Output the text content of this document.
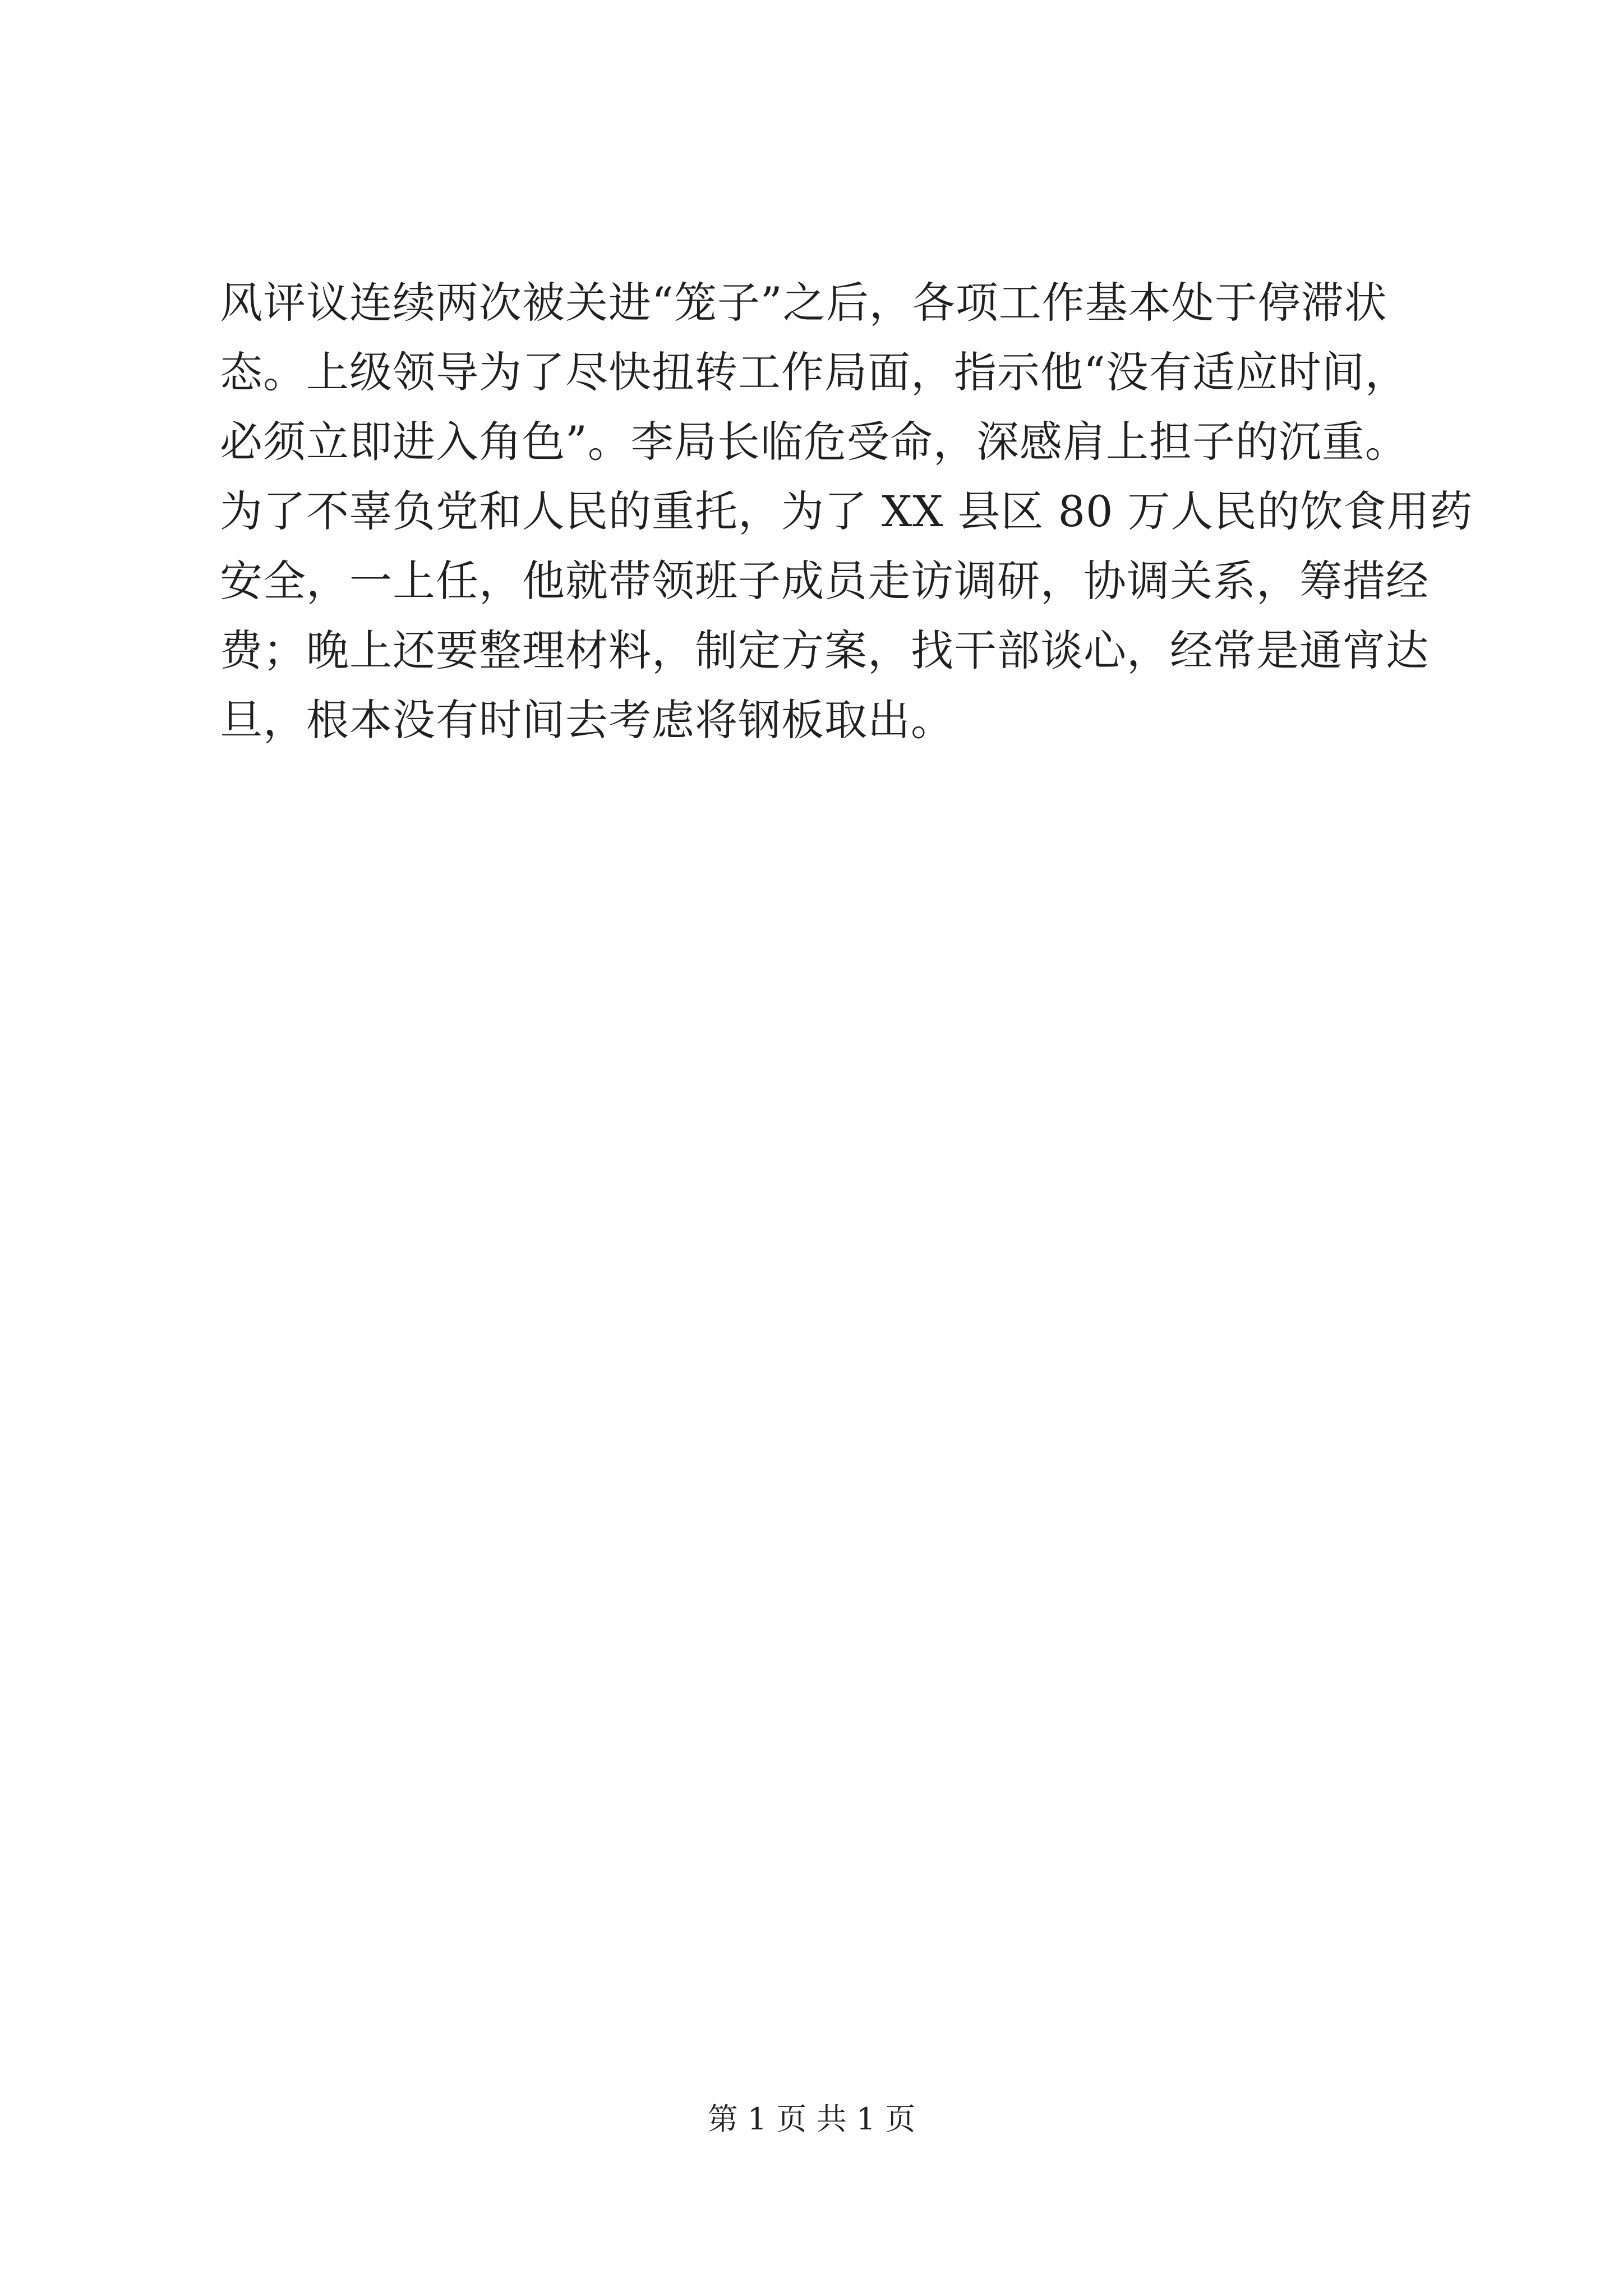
风评议连续两次被关进“笼子”之后，各项工作基本处于停滞状
态。上级领导为了尽快扭转工作局面，指示他“没有适应时间，
必须立即进入角色”。李局长临危受命，深感肩上担子的沉重。
为了不辜负党和人民的重托，为了 XX 县区 80 万人民的饮食用药
安全，一上任，他就带领班子成员走访调研，协调关系，筹措经
费；晚上还要整理材料，制定方案，找干部谈心，经常是通宵达
旦，根本没有时间去考虑将钢板取出。
第 1 页 共 1 页
